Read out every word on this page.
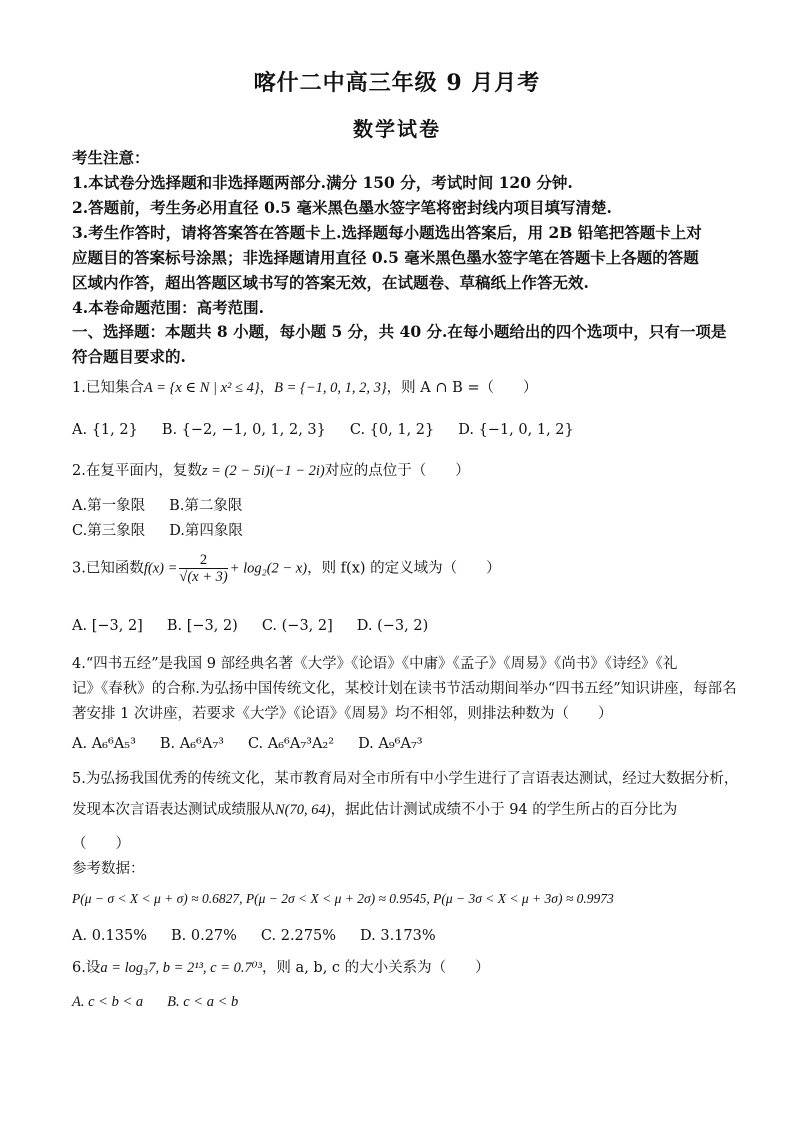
喀什二中高三年级 9 月月考
数学试卷
考生注意：
1.本试卷分选择题和非选择题两部分.满分 150 分，考试时间 120 分钟.
2.答题前，考生务必用直径 0.5 毫米黑色墨水签字笔将密封线内项目填写清楚.
3.考生作答时，请将答案答在答题卡上.选择题每小题选出答案后，用 2B 铅笔把答题卡上对
应题目的答案标号涂黑；非选择题请用直径 0.5 毫米黑色墨水签字笔在答题卡上各题的答题
区域内作答，超出答题区域书写的答案无效，在试题卷、草稿纸上作答无效.
4.本卷命题范围：高考范围.
一、选择题：本题共 8 小题，每小题 5 分，共 40 分.在每小题给出的四个选项中，只有一项是
符合题目要求的.
1.已知集合A = {x ∈ N | x² ≤ 4}，B = {−1, 0, 1, 2, 3}，则 A ∩ B =（　　）
A. {1, 2} B. {−2, −1, 0, 1, 2, 3} C. {0, 1, 2} D. {−1, 0, 1, 2}
2.在复平面内，复数z = (2 − 5i)(−1 − 2i)对应的点位于（　　）
A.第一象限 B.第二象限
C.第三象限 D.第四象限
3.已知函数$f(x) = \frac{2}{√(x + 3)} + \log_2(2 - x)$，则 f(x) 的定义域为（　　）
A. [−3, 2] B. [−3, 2) C. (−3, 2] D. (−3, 2)
4.“四书五经”是我国 9 部经典名著《大学》《论语》《中庸》《孟子》《周易》《尚书》《诗经》《礼
记》《春秋》的合称.为弘扬中国传统文化，某校计划在读书节活动期间举办“四书五经”知识讲座，每部名
著安排 1 次讲座，若要求《大学》《论语》《周易》均不相邻，则排法种数为（　　）
A. A₆⁶A₅³ B. A₆⁶A₇³ C. A₆⁶A₇³A₂² D. A₉⁶A₇³
5.为弘扬我国优秀的传统文化，某市教育局对全市所有中小学生进行了言语表达测试，经过大数据分析，
发现本次言语表达测试成绩服从N(70, 64)，据此估计测试成绩不小于 94 的学生所占的百分比为
（　　）
参考数据：
P(μ − σ < X < μ + σ) ≈ 0.6827, P(μ − 2σ < X < μ + 2σ) ≈ 0.9545, P(μ − 3σ < X < μ + 3σ) ≈ 0.9973
A. 0.135% B. 0.27% C. 2.275% D. 3.173%
6.设a = log₃7, b = 2¹³, c = 0.7⁰³，则 a, b, c 的大小关系为（　　）
A. c < b < a B. c < a < b
